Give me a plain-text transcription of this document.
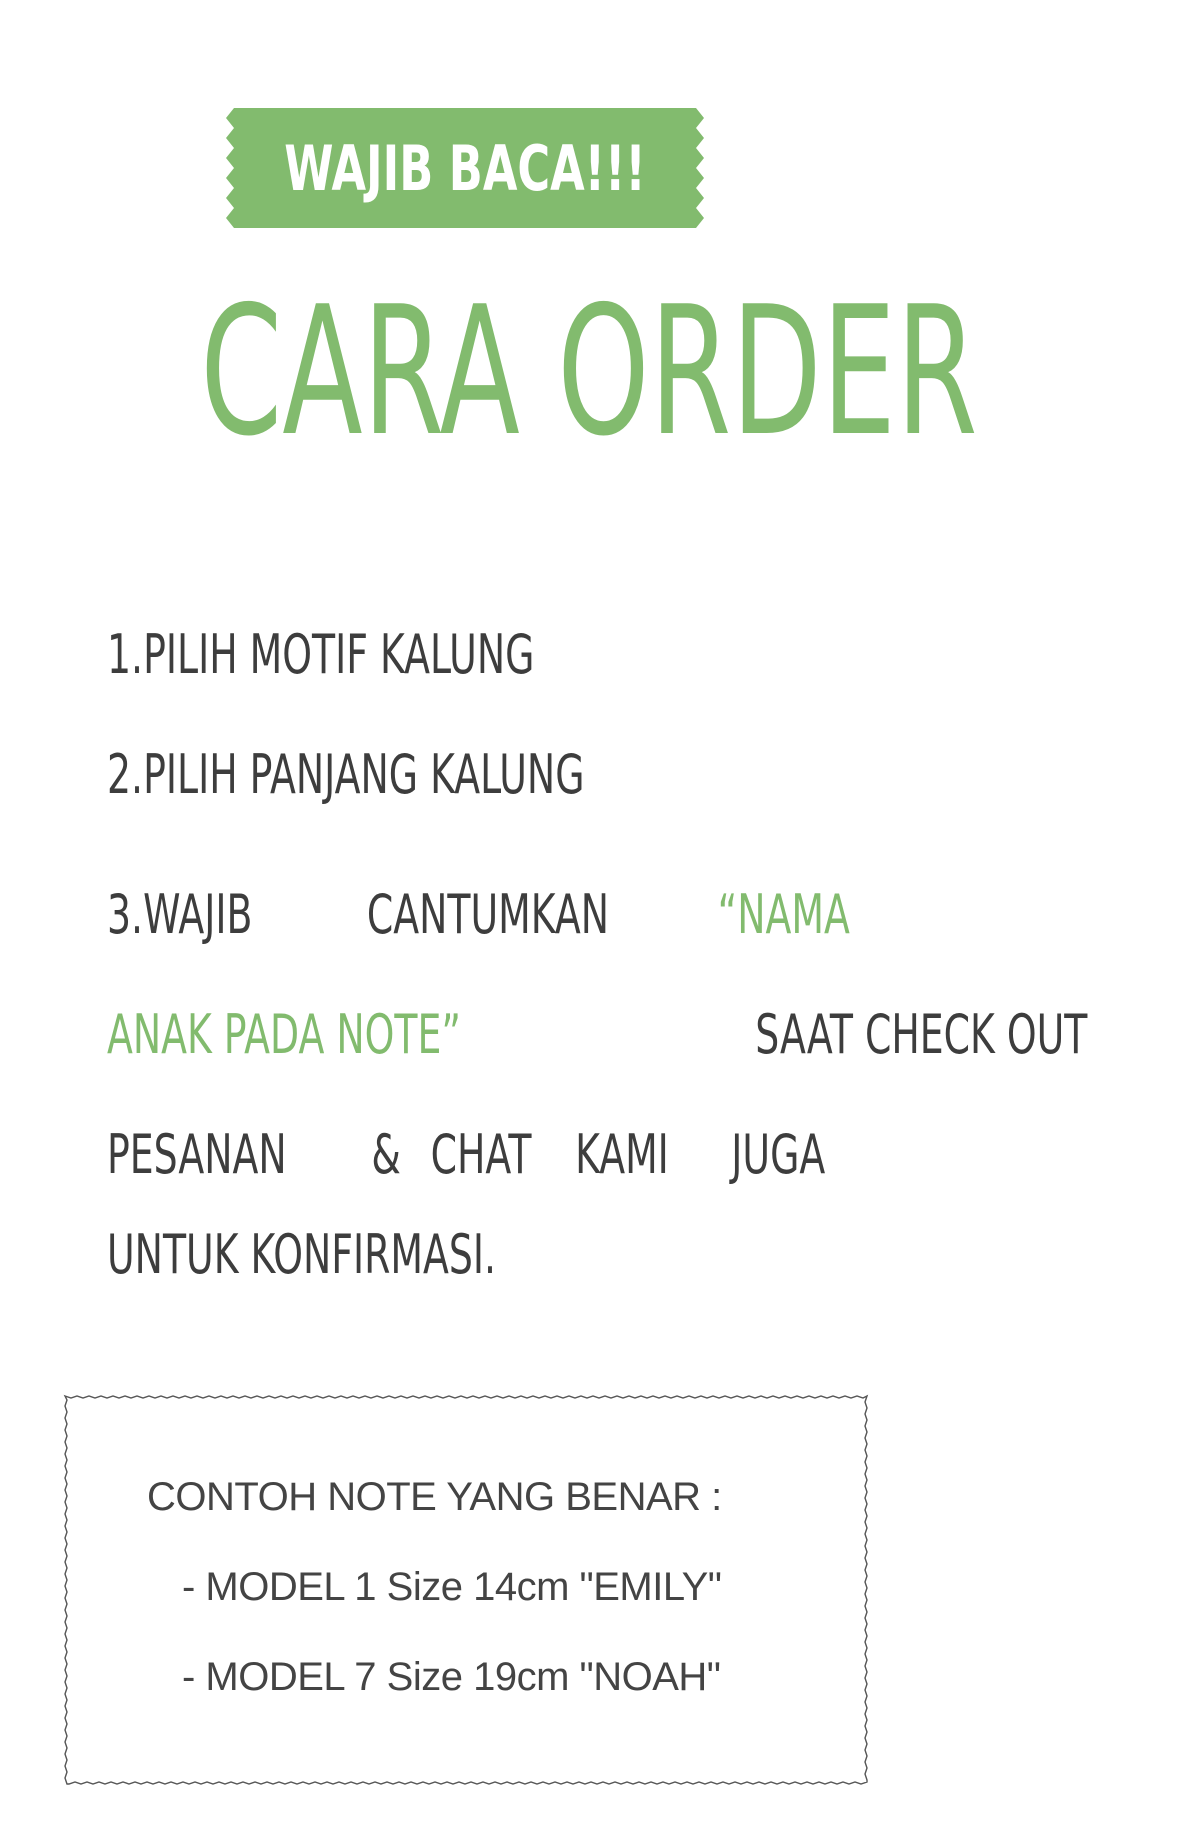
WAJIB BACA!!!
CARA ORDER
1.PILIH MOTIF KALUNG
2.PILIH PANJANG KALUNG
3.WAJIB CANTUMKAN “NAMA
ANAK PADA NOTE”	SAAT CHECK OUT
PESANAN & CHAT KAMI JUGA
UNTUK KONFIRMASI.
CONTOH NOTE YANG BENAR :
- MODEL 1 Size 14cm "EMILY"
- MODEL 7 Size 19cm "NOAH"
